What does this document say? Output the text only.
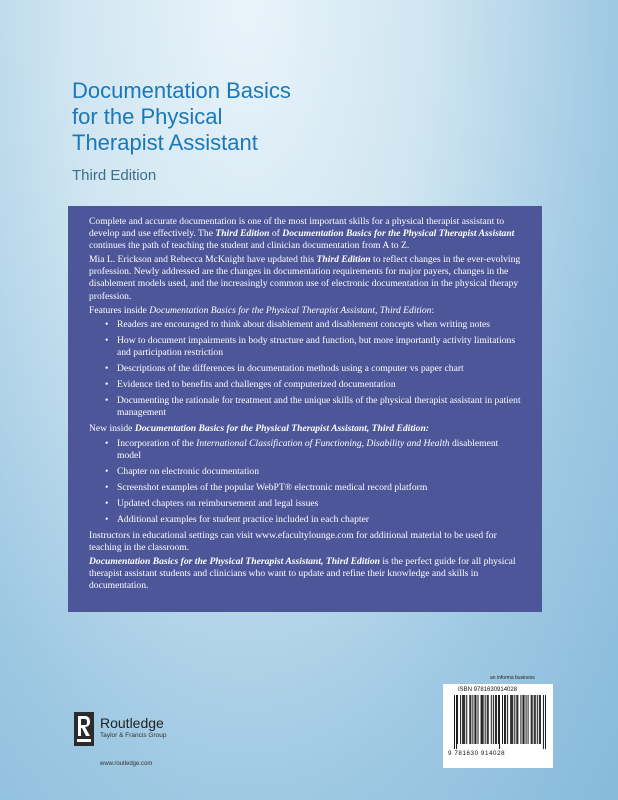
Documentation Basics
for the Physical
Therapist Assistant
Third Edition

Complete and accurate documentation is one of the most important skills for a physical therapist assistant to develop and use effectively. The Third Edition of Documentation Basics for the Physical Therapist Assistant continues the path of teaching the student and clinician documentation from A to Z.

Mia L. Erickson and Rebecca McKnight have updated this Third Edition to reflect changes in the ever-evolving profession. Newly addressed are the changes in documentation requirements for major payers, changes in the disablement models used, and the increasingly common use of electronic documentation in the physical therapy profession.

Features inside Documentation Basics for the Physical Therapist Assistant, Third Edition:

• Readers are encouraged to think about disablement and disablement concepts when writing notes
• How to document impairments in body structure and function, but more importantly activity limitations and participation restriction
• Descriptions of the differences in documentation methods using a computer vs paper chart
• Evidence tied to benefits and challenges of computerized documentation
• Documenting the rationale for treatment and the unique skills of the physical therapist assistant in patient management

New inside Documentation Basics for the Physical Therapist Assistant, Third Edition:

• Incorporation of the International Classification of Functioning, Disability and Health disablement model
• Chapter on electronic documentation
• Screenshot examples of the popular WebPT® electronic medical record platform
• Updated chapters on reimbursement and legal issues
• Additional examples for student practice included in each chapter

Instructors in educational settings can visit www.efacultylounge.com for additional material to be used for teaching in the classroom.

Documentation Basics for the Physical Therapist Assistant, Third Edition is the perfect guide for all physical therapist assistant students and clinicians who want to update and refine their knowledge and skills in documentation.

an informa business
ISBN 9781630914028
9 781630 914028
Routledge
Taylor & Francis Group
www.routledge.com
